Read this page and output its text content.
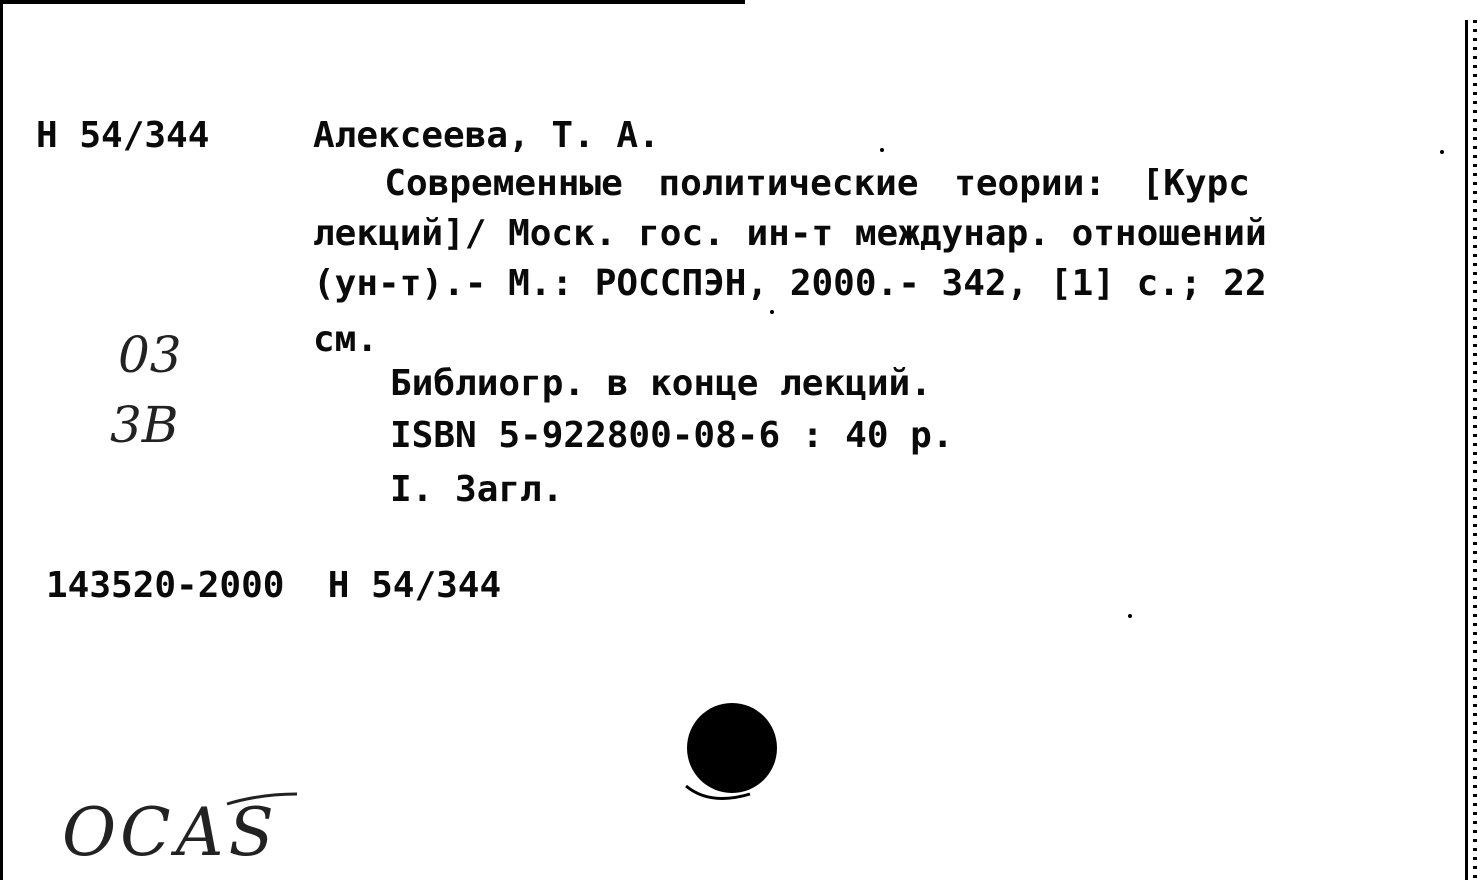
Н 54/344	Алексеева, Т. А.
Современные политические теории: [Курс
лекций]/ Моск. гос. ин-т междунар. отношений
(ун-т).- М.: РОССПЭН, 2000.- 342, [1] с.; 22
см.
Библиогр. в конце лекций.
ISBN 5-922800-08-6 : 40 р.
I. Загл.
143520-2000  Н 54/344
03
3В
ОСАS
